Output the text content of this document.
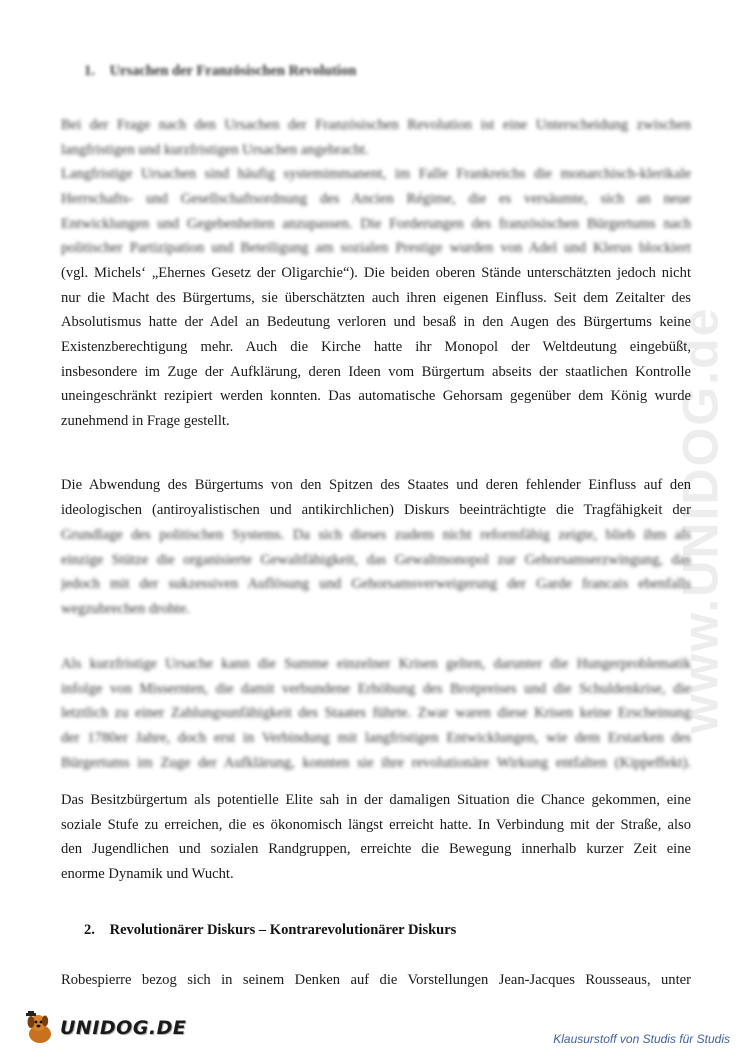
www.UNIDOG.de
1. Ursachen der Französischen Revolution
Bei der Frage nach den Ursachen der Französischen Revolution ist eine Unterscheidung zwischen
langfristigen und kurzfristigen Ursachen angebracht.
Langfristige Ursachen sind häufig systemimmanent, im Falle Frankreichs die monarchisch-klerikale
Herrschafts- und Gesellschaftsordnung des Ancien Régime, die es versäumte, sich an neue
Entwicklungen und Gegebenheiten anzupassen. Die Forderungen des französischen Bürgertums nach
politischer Partizipation und Beteiligung am sozialen Prestige wurden von Adel und Klerus blockiert
(vgl. Michels‘ „Ehernes Gesetz der Oligarchie“). Die beiden oberen Stände unterschätzten jedoch nicht
nur die Macht des Bürgertums, sie überschätzten auch ihren eigenen Einfluss. Seit dem Zeitalter des
Absolutismus hatte der Adel an Bedeutung verloren und besaß in den Augen des Bürgertums keine
Existenzberechtigung mehr. Auch die Kirche hatte ihr Monopol der Weltdeutung eingebüßt,
insbesondere im Zuge der Aufklärung, deren Ideen vom Bürgertum abseits der staatlichen Kontrolle
uneingeschränkt rezipiert werden konnten. Das automatische Gehorsam gegenüber dem König wurde
zunehmend in Frage gestellt.
Die Abwendung des Bürgertums von den Spitzen des Staates und deren fehlender Einfluss auf den
ideologischen (antiroyalistischen und antikirchlichen) Diskurs beeinträchtigte die Tragfähigkeit der
Grundlage des politischen Systems. Da sich dieses zudem nicht reformfähig zeigte, blieb ihm als
einzige Stütze die organisierte Gewaltfähigkeit, das Gewaltmonopol zur Gehorsamserzwingung, das
jedoch mit der sukzessiven Auflösung und Gehorsamsverweigerung der Garde francais ebenfalls
wegzubrechen drohte.
Als kurzfristige Ursache kann die Summe einzelner Krisen gelten, darunter die Hungerproblematik
infolge von Missernten, die damit verbundene Erhöhung des Brotpreises und die Schuldenkrise, die
letztlich zu einer Zahlungsunfähigkeit des Staates führte. Zwar waren diese Krisen keine Erscheinung
der 1780er Jahre, doch erst in Verbindung mit langfristigen Entwicklungen, wie dem Erstarken des
Bürgertums im Zuge der Aufklärung, konnten sie ihre revolutionäre Wirkung entfalten (Kippeffekt).
Das Besitzbürgertum als potentielle Elite sah in der damaligen Situation die Chance gekommen, eine
soziale Stufe zu erreichen, die es ökonomisch längst erreicht hatte. In Verbindung mit der Straße, also
den Jugendlichen und sozialen Randgruppen, erreichte die Bewegung innerhalb kurzer Zeit eine
enorme Dynamik und Wucht.
2. Revolutionärer Diskurs – Kontrarevolutionärer Diskurs
Robespierre bezog sich in seinem Denken auf die Vorstellungen Jean-Jacques Rousseaus, unter
UNIDOG.DE	Klausurstoff von Studis für Studis
